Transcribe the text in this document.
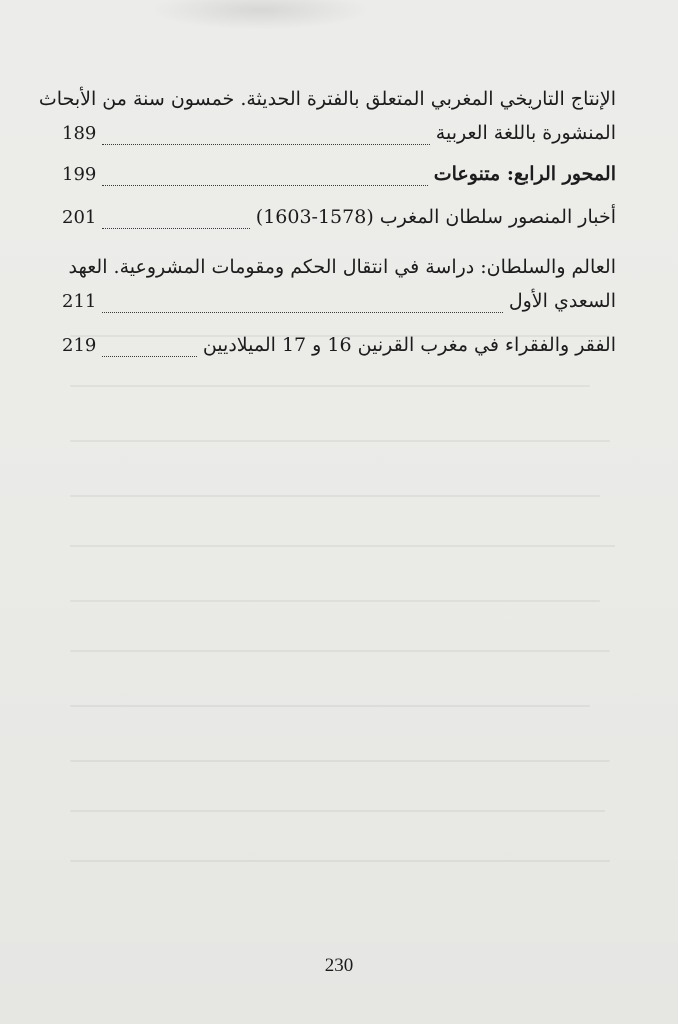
الإنتاج التاريخي المغربي المتعلق بالفترة الحديثة. خمسون سنة من الأبحاث
المنشورة باللغة العربية
189
المحور الرابع: متنوعات
199
أخبار المنصور سلطان المغرب (1578-1603)
201
العالم والسلطان: دراسة في انتقال الحكم ومقومات المشروعية. العهد
السعدي الأول
211
الفقر والفقراء في مغرب القرنين 16 و 17 الميلاديين
219
230
